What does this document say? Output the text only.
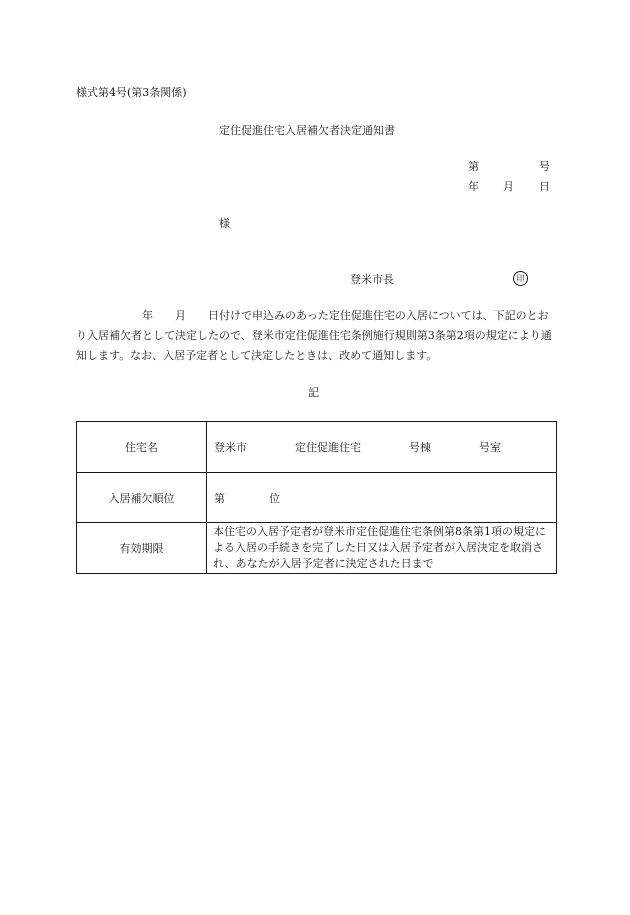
様式第4号(第3条関係)
定住促進住宅入居補欠者決定通知書
第	号
年 月 日
様
登米市長	印
年 月 日付けで申込みのあった定住促進住宅の入居については、下記のとおり入居補欠者として決定したので、登米市定住促進住宅条例施行規則第3条第2項の規定により通知します。なお、入居予定者として決定したときは、改めて通知します。
記
住宅名	登米市 定住促進住宅 号棟 号室
入居補欠順位	第 位
有効期限	本住宅の入居予定者が登米市定住促進住宅条例第8条第1項の規定による入居の手続きを完了した日又は入居予定者が入居決定を取消され、あなたが入居予定者に決定された日まで
